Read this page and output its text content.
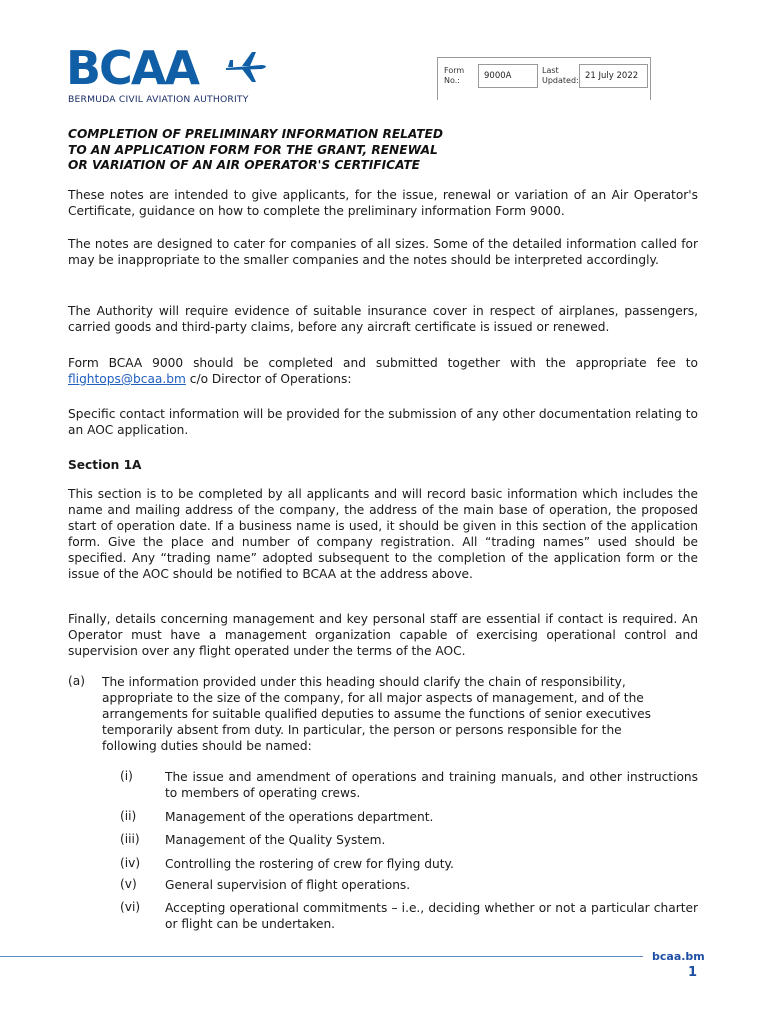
BCAA
BERMUDA CIVIL AVIATION AUTHORITY
Form No.:	9000A
Last Updated: 21 July 2022
COMPLETION OF PRELIMINARY INFORMATION RELATED
TO AN APPLICATION FORM FOR THE GRANT, RENEWAL
OR VARIATION OF AN AIR OPERATOR'S CERTIFICATE
These notes are intended to give applicants, for the issue, renewal or variation of an Air Operator's Certificate, guidance on how to complete the preliminary information Form 9000.
The notes are designed to cater for companies of all sizes. Some of the detailed information called for may be inappropriate to the smaller companies and the notes should be interpreted accordingly.
The Authority will require evidence of suitable insurance cover in respect of airplanes, passengers, carried goods and third-party claims, before any aircraft certificate is issued or renewed.
Form BCAA 9000 should be completed and submitted together with the appropriate fee to flightops@bcaa.bm c/o Director of Operations:
Specific contact information will be provided for the submission of any other documentation relating to an AOC application.
Section 1A
This section is to be completed by all applicants and will record basic information which includes the name and mailing address of the company, the address of the main base of operation, the proposed start of operation date. If a business name is used, it should be given in this section of the application form. Give the place and number of company registration. All “trading names” used should be specified. Any “trading name” adopted subsequent to the completion of the application form or the issue of the AOC should be notified to BCAA at the address above.
Finally, details concerning management and key personal staff are essential if contact is required. An Operator must have a management organization capable of exercising operational control and supervision over any flight operated under the terms of the AOC.
(a) The information provided under this heading should clarify the chain of responsibility, appropriate to the size of the company, for all major aspects of management, and of the arrangements for suitable qualified deputies to assume the functions of senior executives temporarily absent from duty. In particular, the person or persons responsible for the following duties should be named:
(i)	The issue and amendment of operations and training manuals, and other instructions to members of operating crews.
(ii) Management of the operations department.
(iii) Management of the Quality System.
(iv) Controlling the rostering of crew for flying duty.
(v) General supervision of flight operations.
(vi) Accepting operational commitments – i.e., deciding whether or not a particular charter or flight can be undertaken.
bcaa.bm
1
